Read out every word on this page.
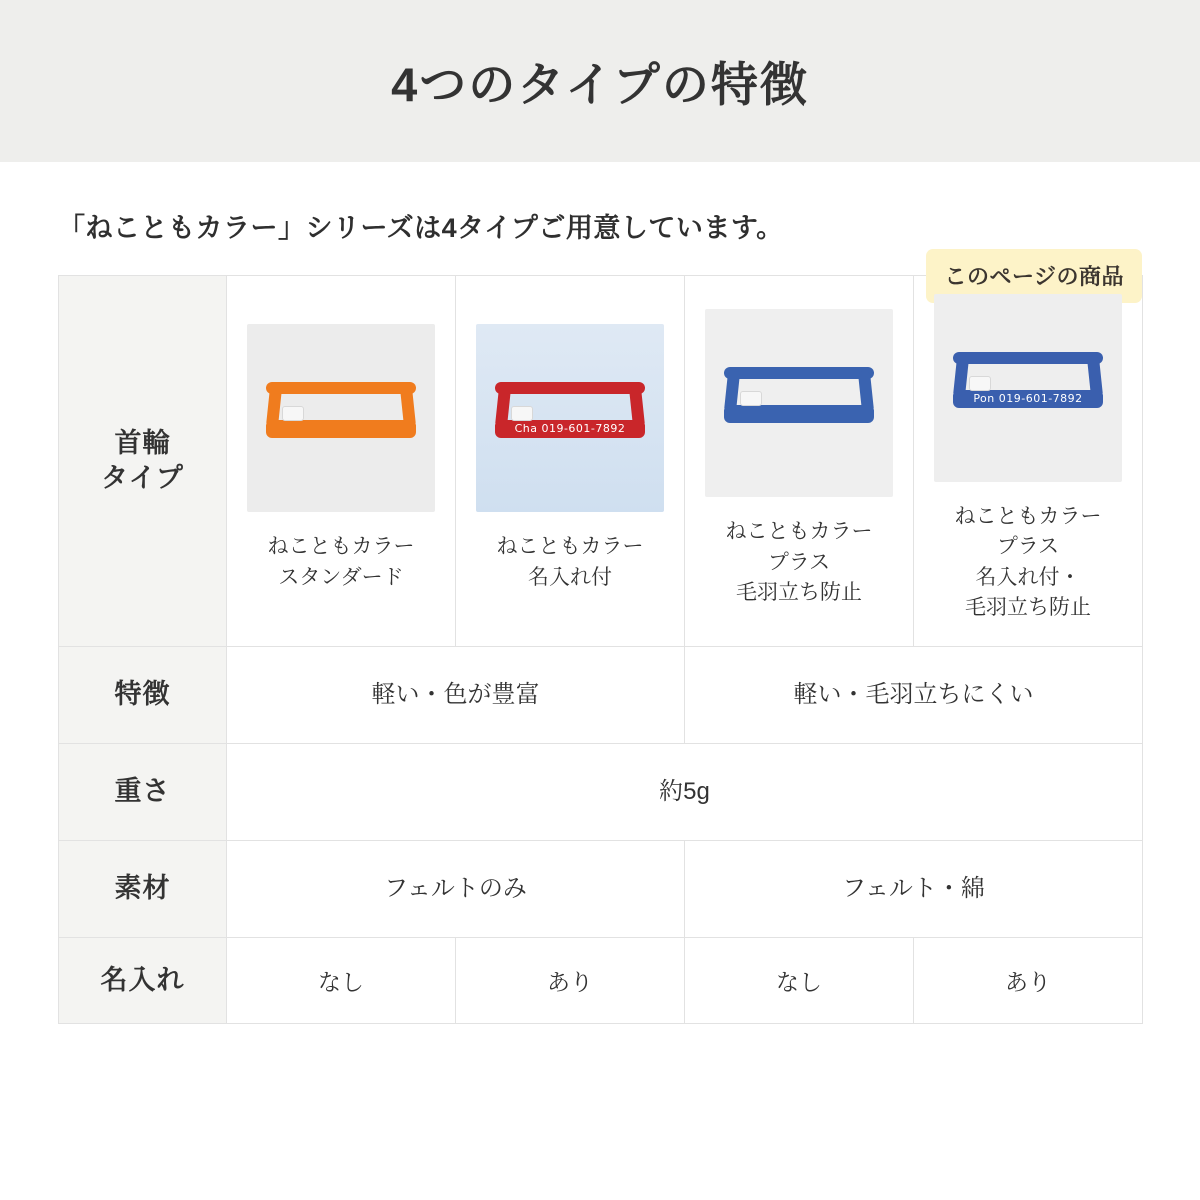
4つのタイプの特徴
「ねこともカラー」シリーズは4タイプご用意しています。
このページの商品
首輪
タイプ

ねこともカラー
スタンダード

Cha 019-601-7892
ねこともカラー
名入れ付

ねこともカラー
プラス
毛羽立ち防止

Pon 019-601-7892
ねこともカラー
プラス
名入れ付・
毛羽立ち防止

特徴	軽い・色が豊富		軽い・毛羽立ちにくい	
重さ	約5g			
素材	フェルトのみ		フェルト・綿	
名入れ	なし	あり	なし	あり
